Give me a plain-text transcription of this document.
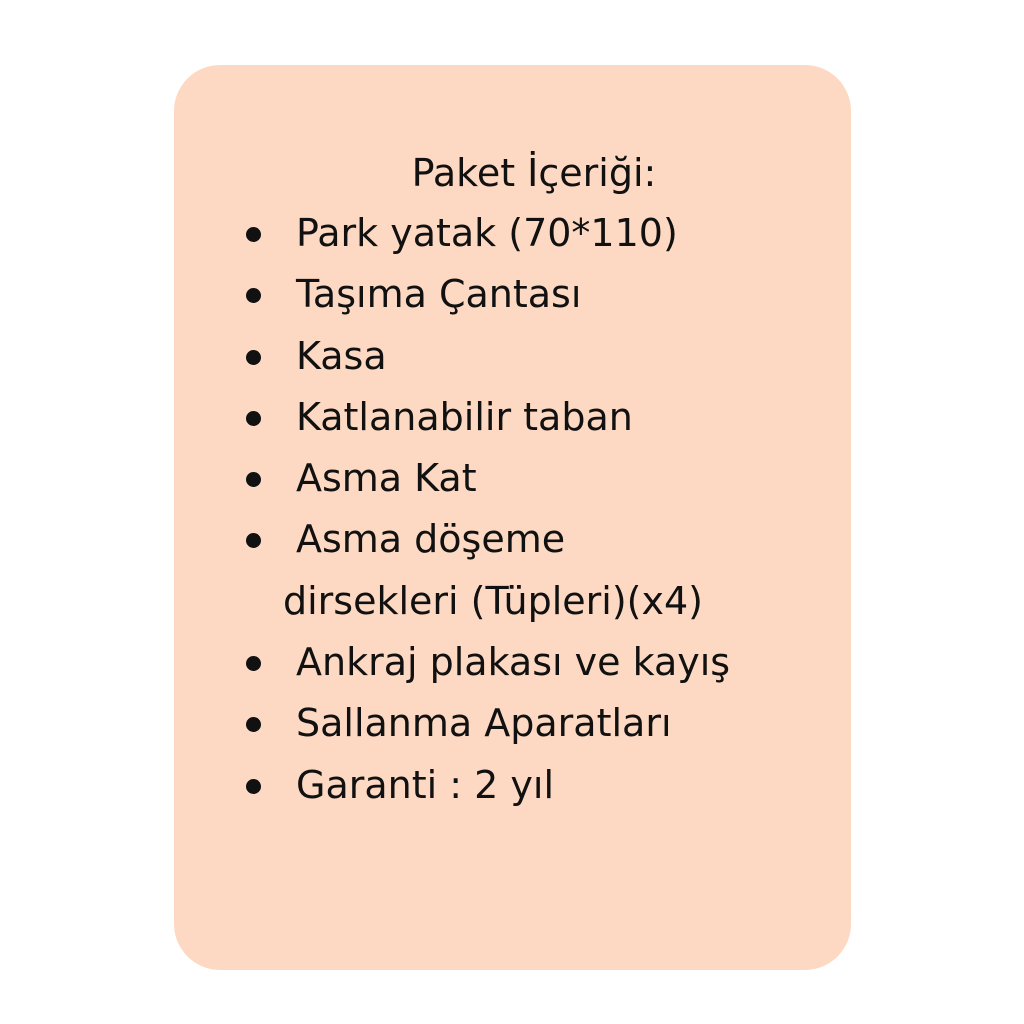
Paket İçeriği:
Park yatak (70*110)
Taşıma Çantası
Kasa
Katlanabilir taban
Asma Kat
Asma döşeme
dirsekleri (Tüpleri)(x4)
Ankraj plakası ve kayış
Sallanma Aparatları
Garanti : 2 yıl
